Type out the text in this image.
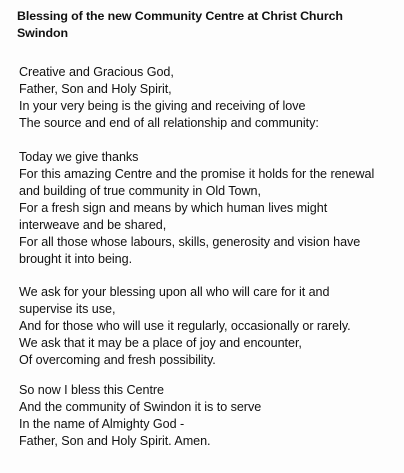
Blessing of the new Community Centre at Christ Church
Swindon
Creative and Gracious God,
Father, Son and Holy Spirit,
In your very being is the giving and receiving of love
The source and end of all relationship and community:
Today we give thanks
For this amazing Centre and the promise it holds for the renewal
and building of true community in Old Town,
For a fresh sign and means by which human lives might
interweave and be shared,
For all those whose labours, skills, generosity and vision have
brought it into being.
We ask for your blessing upon all who will care for it and
supervise its use,
And for those who will use it regularly, occasionally or rarely.
We ask that it may be a place of joy and encounter,
Of overcoming and fresh possibility.
So now I bless this Centre
And the community of Swindon it is to serve
In the name of Almighty God -
Father, Son and Holy Spirit. Amen.
